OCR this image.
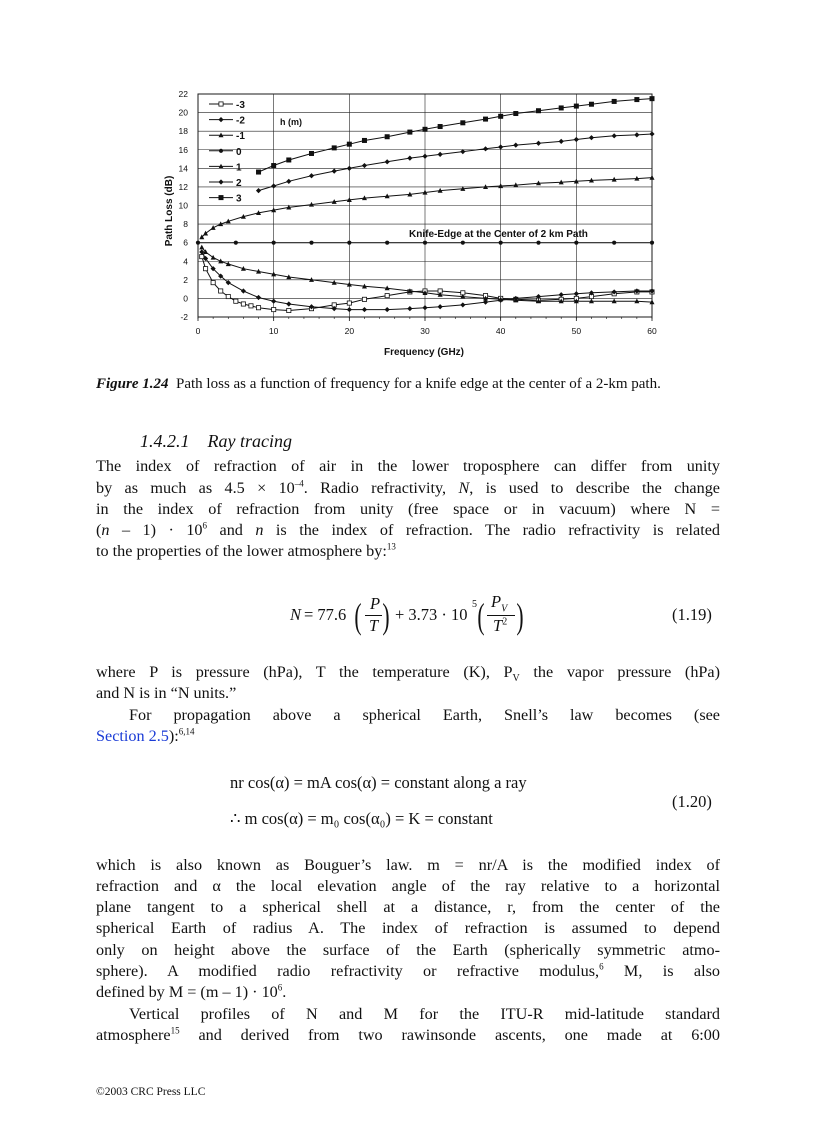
-2
0
2
4
6
8
10
12
14
16
18
20
22
0	10	20	30	40	50	60
-3
-2
-1
0
1
2
3
h (m)
Knife-Edge at the Center of 2 km Path
Frequency (GHz)
Path Loss (dB)
Figure 1.24 Path loss as a function of frequency for a knife edge at the center of a 2-km path.
1.4.2.1 Ray tracing
The index of refraction of air in the lower troposphere can differ from unity
by as much as $4.5 \times 10^{-4}$. Radio refractivity, N, is used to describe the change
in the index of refraction from unity (free space or in vacuum) where N =
$(n - 1) \cdot 10^6$ and n is the index of refraction. The radio refractivity is related
to the properties of the lower atmosphere by:$^{13}$
N = 77.6 ( P
T ) + 3.73 · 10
5 ( $P_V$
$T^2$ )	(1.19)
where P is pressure (hPa), T the temperature (K), $P_V$ the vapor pressure (hPa)
and N is in “N units.”
For propagation above a spherical Earth, Snell’s law becomes (see
Section 2.5):$^{6,14}$
nr cos(α) = mA cos(α) = constant along a ray
∴ m cos(α) = m₀ cos(α₀) = K = constant
(1.20)
which is also known as Bouguer’s law. m = nr/A is the modified index of
refraction and α the local elevation angle of the ray relative to a horizontal
plane tangent to a spherical shell at a distance, r, from the center of the
spherical Earth of radius A. The index of refraction is assumed to depend
only on height above the surface of the Earth (spherically symmetric atmo-
sphere). A modified radio refractivity or refractive modulus,$^6$ M, is also
defined by $M = (m - 1) \cdot 10^6$.
Vertical profiles of N and M for the ITU-R mid-latitude standard
atmosphere$^{15}$ and derived from two rawinsonde ascents, one made at 6:00
©2003 CRC Press LLC
